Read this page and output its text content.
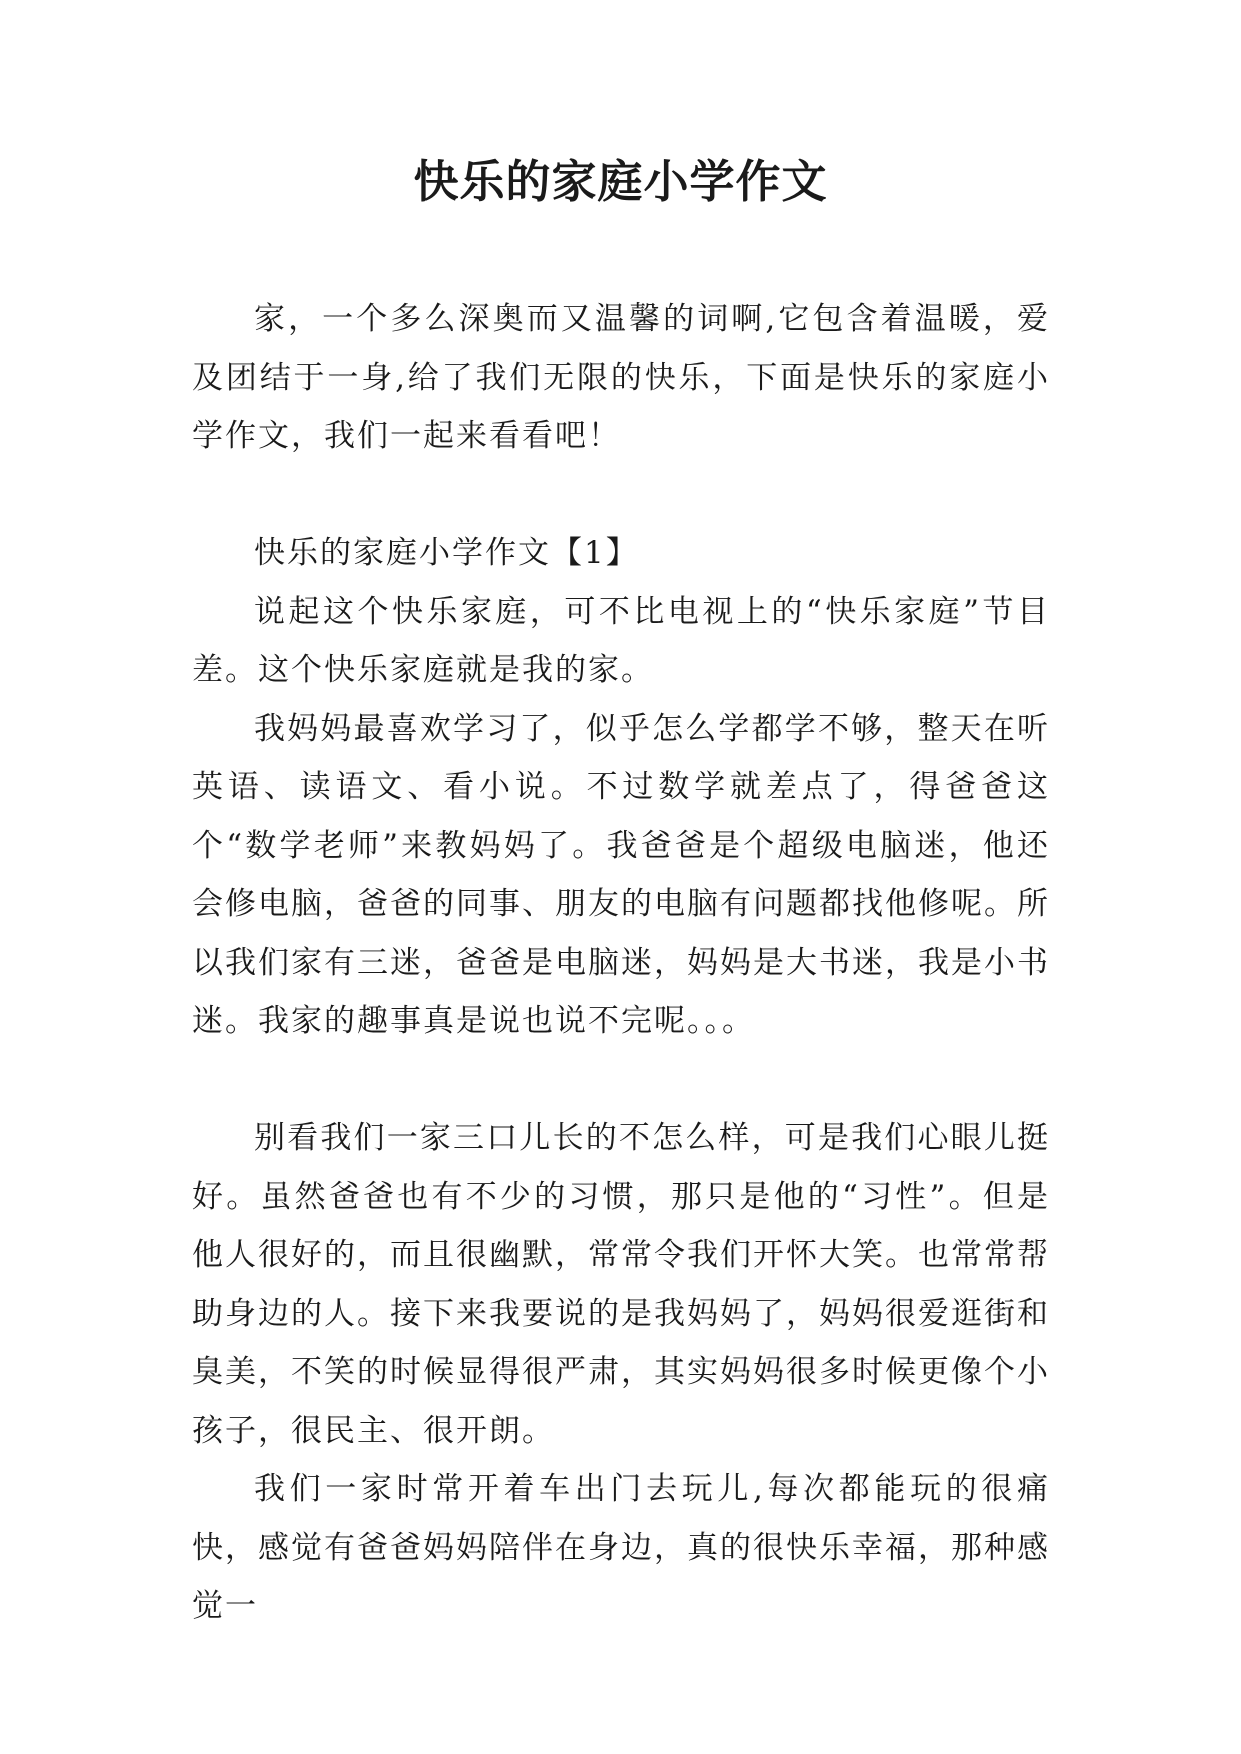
快乐的家庭小学作文

家，一个多么深奥而又温馨的词啊,它包含着温暖，爱及团结于一身,给了我们无限的快乐，下面是快乐的家庭小学作文，我们一起来看看吧！

快乐的家庭小学作文【1】

说起这个快乐家庭，可不比电视上的“快乐家庭”节目差。这个快乐家庭就是我的家。

我妈妈最喜欢学习了，似乎怎么学都学不够，整天在听英语、读语文、看小说。不过数学就差点了，得爸爸这个“数学老师”来教妈妈了。我爸爸是个超级电脑迷，他还会修电脑，爸爸的同事、朋友的电脑有问题都找他修呢。所以我们家有三迷，爸爸是电脑迷，妈妈是大书迷，我是小书迷。我家的趣事真是说也说不完呢。。。

别看我们一家三口儿长的不怎么样，可是我们心眼儿挺好。虽然爸爸也有不少的习惯，那只是他的“习性”。但是他人很好的，而且很幽默，常常令我们开怀大笑。也常常帮助身边的人。接下来我要说的是我妈妈了，妈妈很爱逛街和臭美，不笑的时候显得很严肃，其实妈妈很多时候更像个小孩子，很民主、很开朗。

我们一家时常开着车出门去玩儿,每次都能玩的很痛快，感觉有爸爸妈妈陪伴在身边，真的很快乐幸福，那种感觉一
